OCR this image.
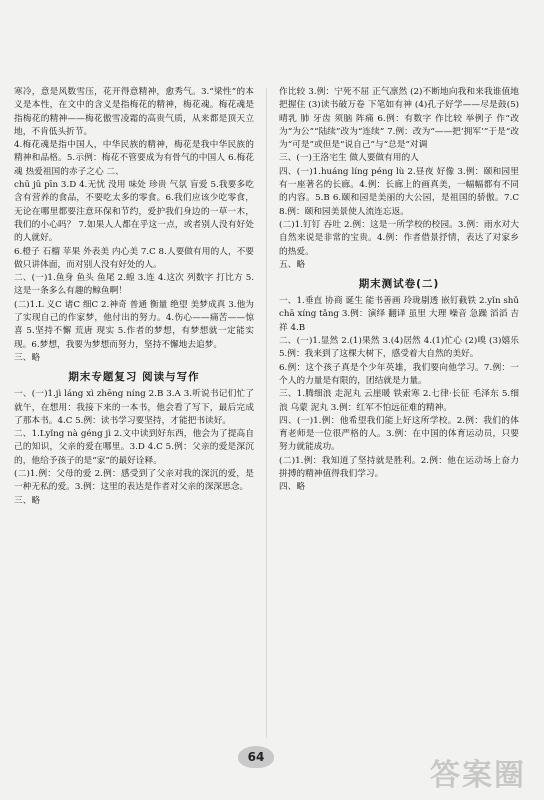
寒冷，意是风数雪压，花开得意精神，愈秀气。3.“梁性”的本义是本性，在文中的含义是指梅花的精神，梅花魂。梅花魂是指梅花的精神——梅花傲雪凌霜的高贵气质，从来都是顶天立地，不肯低头折节。

4.梅花魂是指中国人，中华民族的精神，梅花是我中华民族的精神和品格。5.示例：梅花不管要成为有骨气的中国人 6.梅花魂 热爱祖国的赤子之心 二、

chū jū pīn 3.D 4.无忧 没用 味处 珍贵 气氛 盲爱 5.我要多吃含有营养的食品，不要吃太多的零食。6.我们应该少吃零食，无论在哪里都要注意环保和节约，爱护我们身边的一草一木，我们的小心吗？ 7.如果人人都在乎这一点，或者别人没有好处的人就好。

6.橙子 石榴 苹果 外表美 内心美 7.C 8.人要做有用的人，不要做只讲体面，而对别人没有好处的人。

二、(一)1.鱼身 鱼头 鱼尾 2.蝗 3.连 4.这次 列数字 打比方 5.这是一条多么有趣的鲸鱼啊！

(二)1.L 义C 诸C 细C 2.神奇 普通 衡量 绝望 美梦成真 3.他为了实现自己的作家梦，他付出的努力。4.伤心——痛苦——惊喜 5.坚持不懈 荒唐 现实 5.作者的梦想，有梦想就一定能实现。6.梦想，我要为梦想而努力，坚持不懈地去追梦。

三、略

期末专题复习 阅读与写作

一、(一)1.jì láng xì zhēng níng 2.B 3.A 3.听说书记们忙了就午，在想用：我接下来的一本书，他会看了写下，最后完成了那本书。4.C 5.例：读书学习要坚持，才能把书读好。

二、1.Lyǐng nà géng jì 2.文中读到好东西，他会为了提高自己的知识，父亲的爱在哪里。3.D 4.C 5.例：父亲的爱是深沉的，他给予孩子的是“家”的最好诠释。

(二)1.例：父母的爱 2.例：感受到了父亲对我的深沉的爱，是一种无私的爱。3.例：这里的表达是作者对父亲的深深思念。

三、略

作比较 3.例：宁死不屈 正气凛然 (2)不断地向我和来我谁值地把握住 (3)读书破万卷 下笔如有神 (4)孔子好学——尽是鼓(5)晴乳 肺 牙齿 须脑 阵痛 6.例：有数字 作比较 举例子 作“改为“为公”“陆续”改为“连续” 7.例：改为“——把‘拥军’”于是“改为“可是”或但是“说自己”与“总是”对调

三、(一)王洛宅生 做人要做有用的人

四、(一)1.huáng líng péng lù 2.昼夜 好像 3.例：颐和园里有一座著名的长廊。4.例：长廊上的画真美，一幅幅都有不同的内容。5.B 6.颐和园是美丽的大公园，是祖国的骄傲。7.C 8.例：颐和园美景使人流连忘返。

(二)1.钉钉 吞吐 2.例：这是一所学校的校园。3.例：雨水对大自然来说是非常的宝贵。4.例：作者借景抒情，表达了对家乡的热爱。

五、略

期末测试卷(二)

一、1.垂直 协商 诞生 能书善画 玲珑剔透 嵌钉截铁 2.yǐn shǔ chā xíng tǎng 3.例：演绎 翻译 虽里 大理 噪音 急躁 滔滔 吉祥 4.B

二、(一)1.显然 2.(1)果然 3.(4)居然 4.(1)忙心 (2)嗅 (3)嬉乐 5.例：我来到了这棵大树下，感受着大自然的美好。

6.例：这个孩子真是个少年英雄，我们要向他学习。7.例：一个人的力量是有限的，团结就是力量。

三、1.腾细浪 走泥丸 云崖暖 铁索寒 2.七律·长征 毛泽东 5.细浪 乌蒙 泥丸 3.例：红军不怕远征难的精神。

四、(一)1.例：他希望我们能上好这所学校。2.例：我们的体育老师是一位很严格的人。3.例：在中国的体育运动员，只要努力就能成功。

(二)1.例：我知道了坚持就是胜利。2.例：他在运动场上奋力拼搏的精神值得我们学习。

四、略

64
答案圈
